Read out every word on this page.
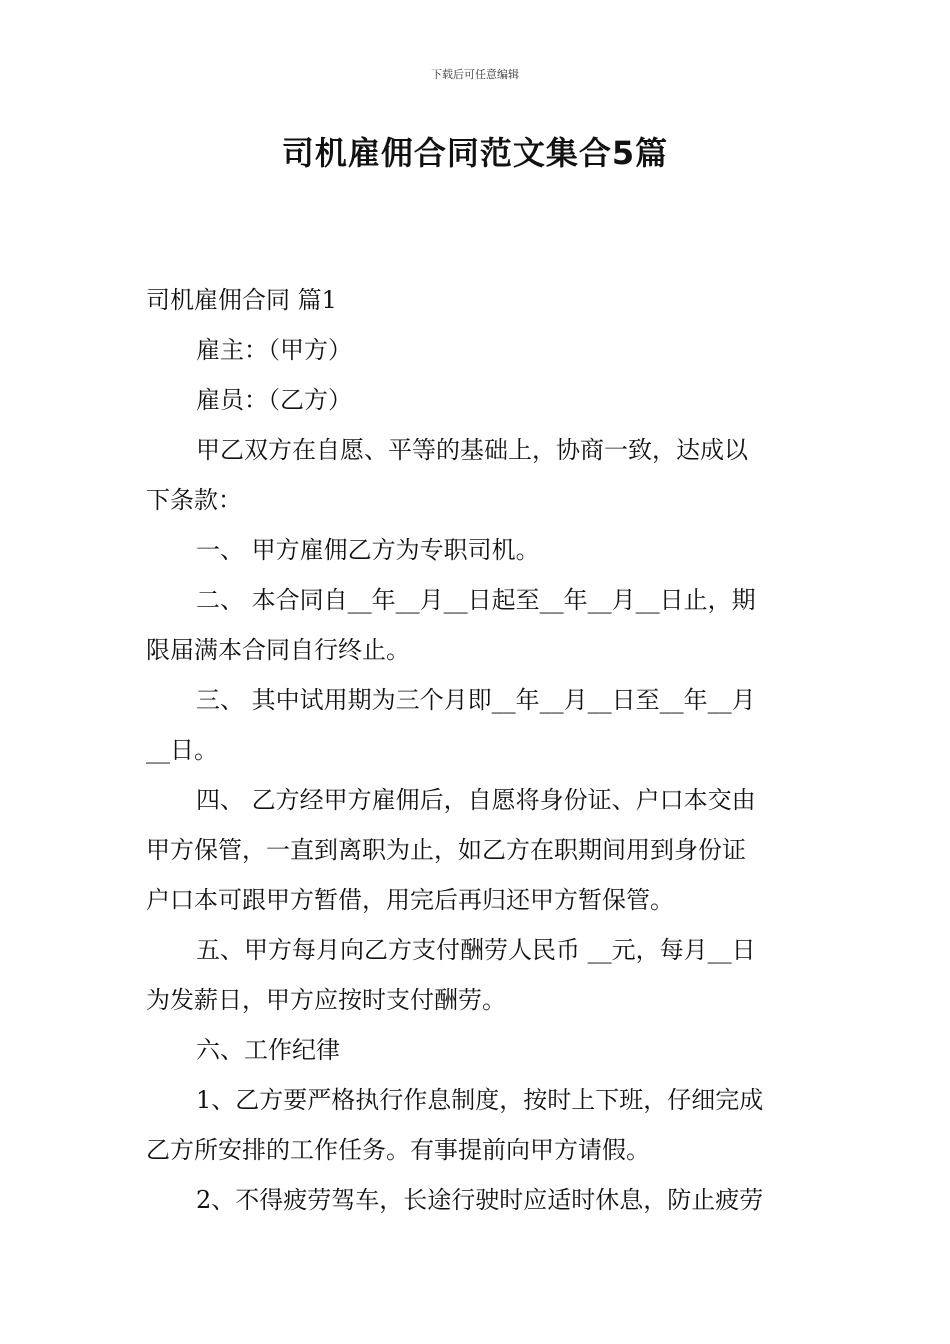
下载后可任意编辑
司机雇佣合同范文集合5篇
司机雇佣合同 篇1
雇主：（甲方）
雇员：（乙方）
甲乙双方在自愿、平等的基础上，协商一致，达成以
下条款：
一、 甲方雇佣乙方为专职司机。
二、 本合同自__年__月__日起至__年__月__日止，期
限届满本合同自行终止。
三、 其中试用期为三个月即__年__月__日至__年__月
__日。
四、 乙方经甲方雇佣后，自愿将身份证、户口本交由
甲方保管，一直到离职为止，如乙方在职期间用到身份证
户口本可跟甲方暂借，用完后再归还甲方暂保管。
五、甲方每月向乙方支付酬劳人民币 __元，每月__日
为发薪日，甲方应按时支付酬劳。
六、工作纪律
1、乙方要严格执行作息制度，按时上下班，仔细完成
乙方所安排的工作任务。有事提前向甲方请假。
2、不得疲劳驾车，长途行驶时应适时休息，防止疲劳
